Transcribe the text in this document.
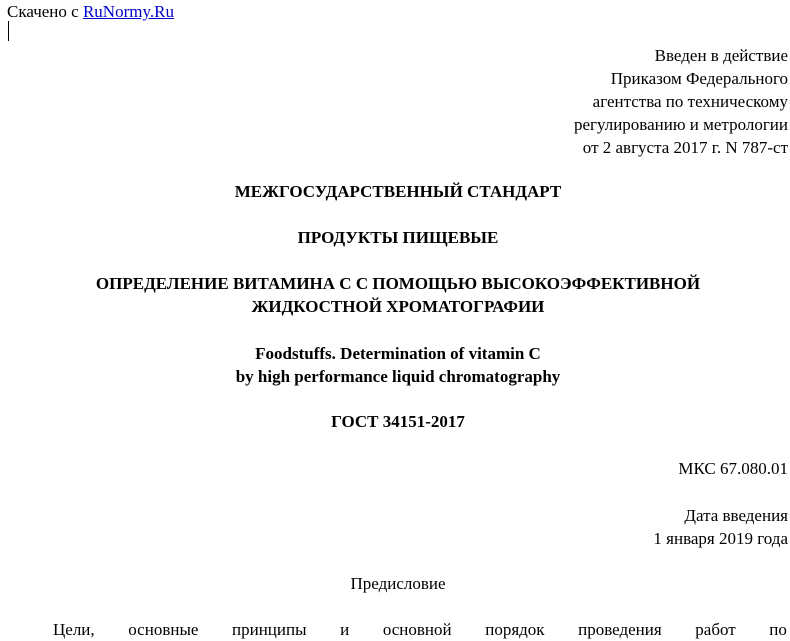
Скачено с RuNormy.Ru
Введен в действие
Приказом Федерального
агентства по техническому
регулированию и метрологии
от 2 августа 2017 г. N 787-ст
МЕЖГОСУДАРСТВЕННЫЙ СТАНДАРТ
ПРОДУКТЫ ПИЩЕВЫЕ
ОПРЕДЕЛЕНИЕ ВИТАМИНА С С ПОМОЩЬЮ ВЫСОКОЭФФЕКТИВНОЙ
ЖИДКОСТНОЙ ХРОМАТОГРАФИИ
Foodstuffs. Determination of vitamin C
by high performance liquid chromatography
ГОСТ 34151-2017
МКС 67.080.01
Дата введения
1 января 2019 года
Предисловие
Цели, основные принципы и основной порядок проведения работ по
